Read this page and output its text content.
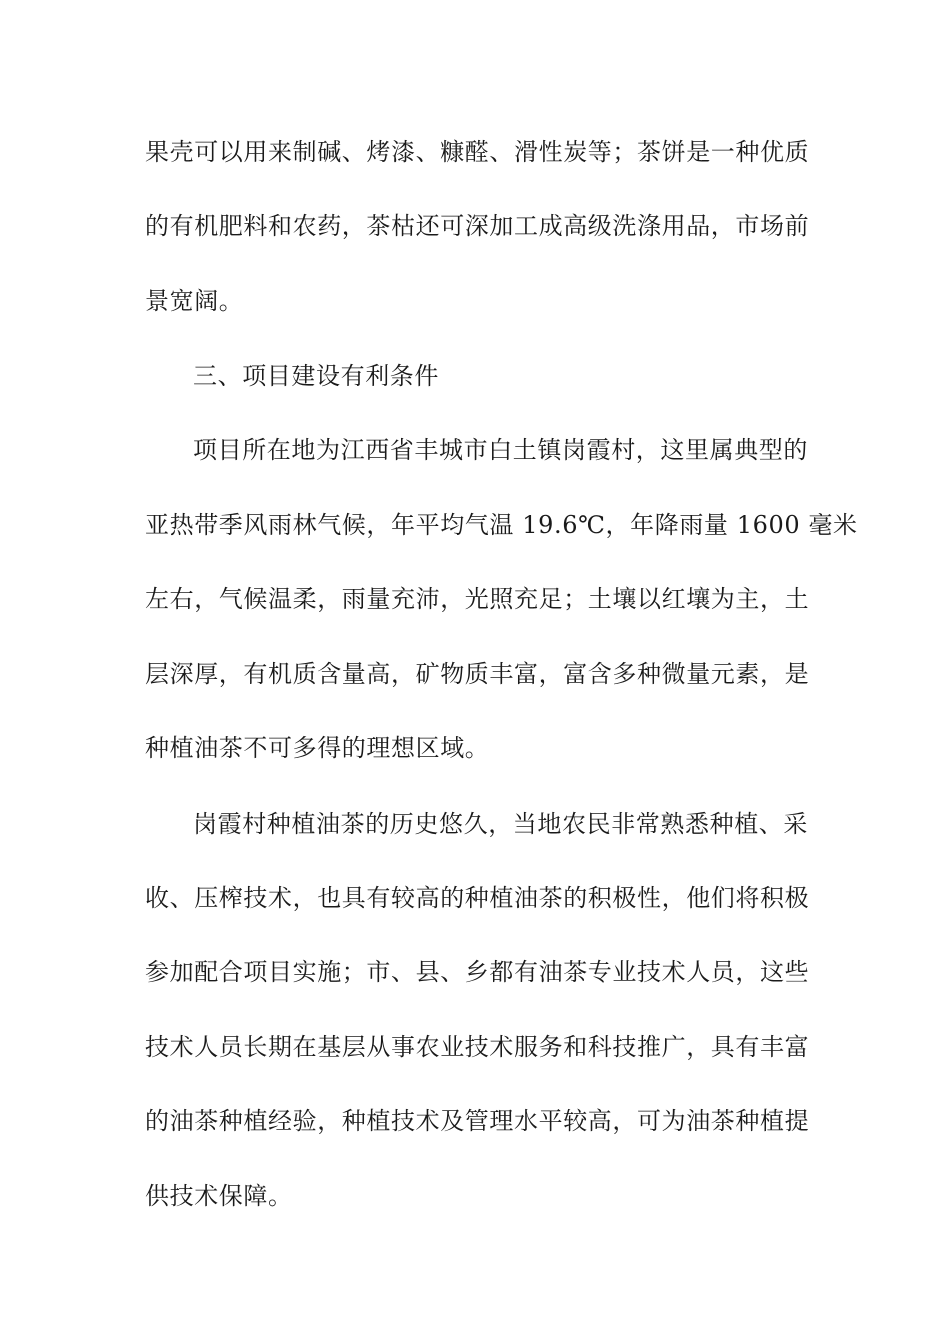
果壳可以用来制碱、烤漆、糠醛、滑性炭等；茶饼是一种优质
的有机肥料和农药，茶枯还可深加工成高级洗涤用品，市场前
景宽阔。
三、项目建设有利条件
项目所在地为江西省丰城市白土镇岗霞村，这里属典型的
亚热带季风雨林气候，年平均气温 19.6℃，年降雨量 1600 毫米
左右，气候温柔，雨量充沛，光照充足；土壤以红壤为主，土
层深厚，有机质含量高，矿物质丰富，富含多种微量元素，是
种植油茶不可多得的理想区域。
岗霞村种植油茶的历史悠久，当地农民非常熟悉种植、采
收、压榨技术，也具有较高的种植油茶的积极性，他们将积极
参加配合项目实施；市、县、乡都有油茶专业技术人员，这些
技术人员长期在基层从事农业技术服务和科技推广，具有丰富
的油茶种植经验，种植技术及管理水平较高，可为油茶种植提
供技术保障。
